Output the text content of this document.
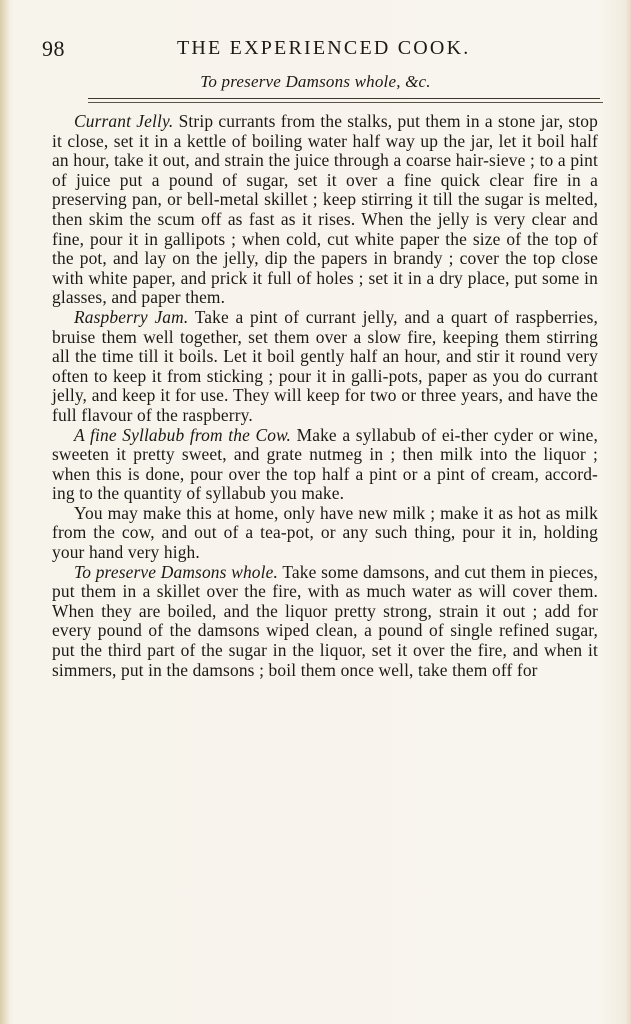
98	THE EXPERIENCED COOK.
To preserve Damsons whole, &c.

Currant Jelly. Strip currants from the stalks, put them in a stone jar, stop it close, set it in a kettle of boiling water half way up the jar, let it boil half an hour, take it out, and strain the juice through a coarse hair-sieve ; to a pint of juice put a pound of sugar, set it over a fine quick clear fire in a preserving pan, or bell-metal skillet ; keep stirring it till the sugar is melted, then skim the scum off as fast as it rises. When the jelly is very clear and fine, pour it in gallipots ; when cold, cut white paper the size of the top of the pot, and lay on the jelly, dip the papers in brandy ; cover the top close with white paper, and prick it full of holes ; set it in a dry place, put some in glasses, and paper them.

Raspberry Jam. Take a pint of currant jelly, and a quart of raspberries, bruise them well together, set them over a slow fire, keeping them stirring all the time till it boils. Let it boil gently half an hour, and stir it round very often to keep it from sticking ; pour it in galli-pots, paper as you do currant jelly, and keep it for use. They will keep for two or three years, and have the full flavour of the raspberry.

A fine Syllabub from the Cow. Make a syllabub of ei-ther cyder or wine, sweeten it pretty sweet, and grate nutmeg in ; then milk into the liquor ; when this is done, pour over the top half a pint or a pint of cream, accord-ing to the quantity of syllabub you make.

You may make this at home, only have new milk ; make it as hot as milk from the cow, and out of a tea-pot, or any such thing, pour it in, holding your hand very high.

To preserve Damsons whole. Take some damsons, and cut them in pieces, put them in a skillet over the fire, with as much water as will cover them. When they are boiled, and the liquor pretty strong, strain it out ; add for every pound of the damsons wiped clean, a pound of single refined sugar, put the third part of the sugar in the liquor, set it over the fire, and when it simmers, put in the damsons ; boil them once well, take them off for
